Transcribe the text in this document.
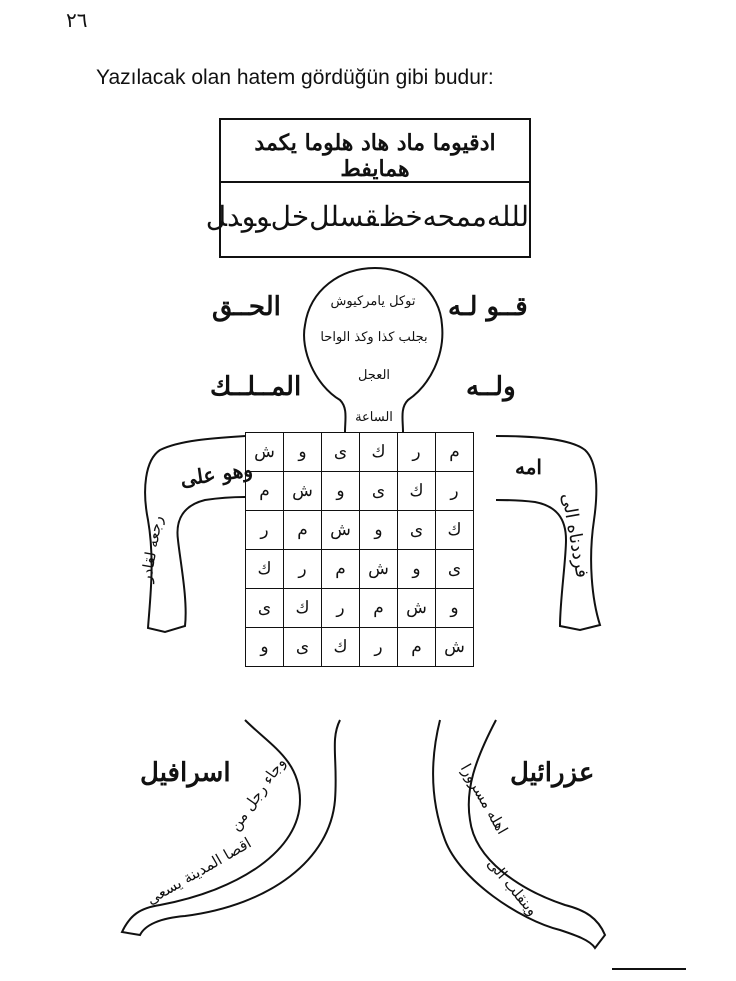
٢٦
Yazılacak olan hatem gördüğün gibi budur:
ادقيوما ماد هاد هلوما يكمد همايفط
ﻟﻠﻠﻪﻣﻤﺤﻪﺧﻆﻘﺴﻠﻞﺧﻞﻮﻮﺪﻞ
قــو لـه
الحــق
ولــه
المــلــك
اسرافيل	عزرائيل
توكل يامركيوش
بجلب كذا وكذ الواحا
العجل
الساعة
ش	و	ى	ك	ر	م
م	ش	و	ى	ك	ر
ر	م	ش	و	ى	ك
ك	ر	م	ش	و	ى
ى	ك	ر	م	ش	و
و	ى	ك	ر	م	ش
وهو على
رجعه لقادر
امه
فرددناه الى
وجاء رجل من
اقصا المدينة يسعى
اهله مسرورا
وينقلب الى
